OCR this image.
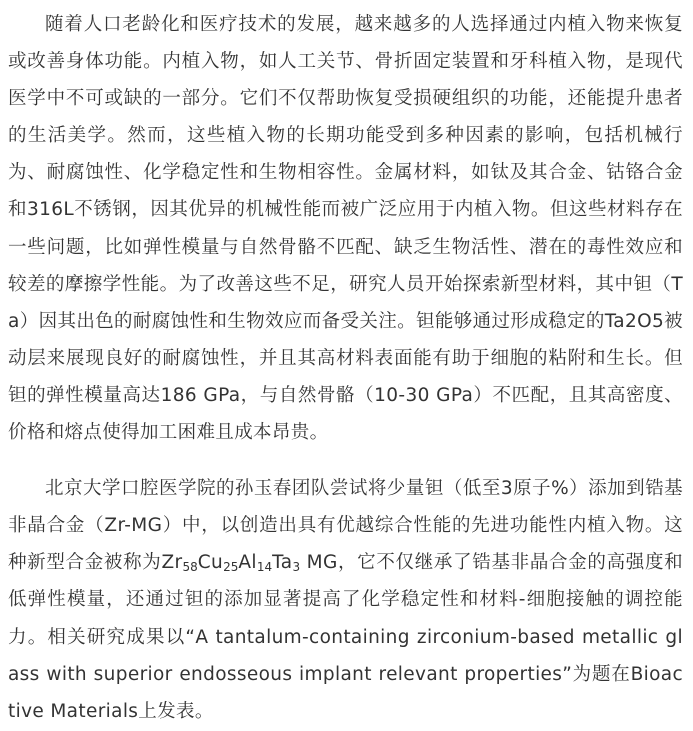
随着人口老龄化和医疗技术的发展，越来越多的人选择通过内植入物来恢复或改善身体功能。内植入物，如人工关节、骨折固定装置和牙科植入物，是现代医学中不可或缺的一部分。它们不仅帮助恢复受损硬组织的功能，还能提升患者的生活美学。然而，这些植入物的长期功能受到多种因素的影响，包括机械行为、耐腐蚀性、化学稳定性和生物相容性。金属材料，如钛及其合金、钴铬合金和316L不锈钢，因其优异的机械性能而被广泛应用于内植入物。但这些材料存在一些问题，比如弹性模量与自然骨骼不匹配、缺乏生物活性、潜在的毒性效应和较差的摩擦学性能。为了改善这些不足，研究人员开始探索新型材料，其中钽（Ta）因其出色的耐腐蚀性和生物效应而备受关注。钽能够通过形成稳定的Ta2O5被动层来展现良好的耐腐蚀性，并且其高材料表面能有助于细胞的粘附和生长。但钽的弹性模量高达186 GPa，与自然骨骼（10-30 GPa）不匹配，且其高密度、价格和熔点使得加工困难且成本昂贵。

北京大学口腔医学院的孙玉春团队尝试将少量钽（低至3原子%）添加到锆基非晶合金（Zr-MG）中，以创造出具有优越综合性能的先进功能性内植入物。这种新型合金被称为$Zr_{58}Cu_{25}Al_{14}Ta_3$ MG，它不仅继承了锆基非晶合金的高强度和低弹性模量，还通过钽的添加显著提高了化学稳定性和材料-细胞接触的调控能力。相关研究成果以“A tantalum-containing zirconium-based metallic glass with superior endosseous implant relevant properties”为题在Bioactive Materials上发表。
